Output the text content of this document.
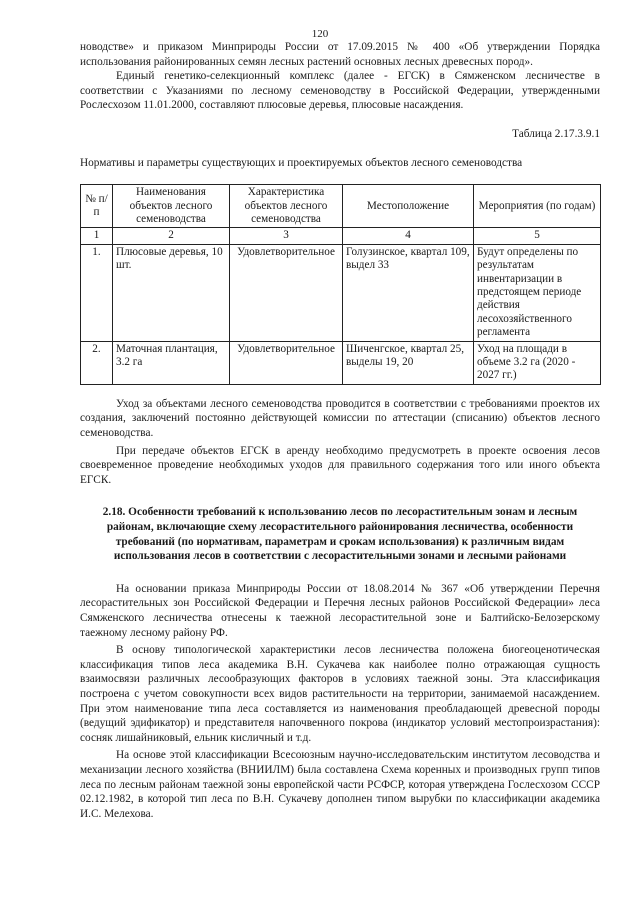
120

новодстве» и приказом Минприроды России от 17.09.2015 № 400 «Об утверждении Порядка использования районированных семян лесных растений основных лесных древесных пород».

Единый генетико-селекционный комплекс (далее - ЕГСК) в Сямженском лесничестве в соответствии с Указаниями по лесному семеноводству в Российской Федерации, утвержденными Рослесхозом 11.01.2000, составляют плюсовые деревья, плюсовые насаждения.

Таблица 2.17.3.9.1

Нормативы и параметры существующих и проектируемых объектов лесного семеноводства

№ п/п	Наименования объектов лесного семеноводства	Характеристика объектов лесного семеноводства	Местоположение	Мероприятия (по годам)
1	2	3	4	5
1.	Плюсовые деревья, 10 шт.	Удовлетворительное	Голузинское, квартал 109, выдел 33	Будут определены по результатам инвентаризации в предстоящем периоде действия лесохозяйственного регламента
2.	Маточная плантация, 3.2 га	Удовлетворительное	Шиченгское, квартал 25, выделы 19, 20	Уход на площади в объеме 3.2 га (2020 - 2027 гг.)

Уход за объектами лесного семеноводства проводится в соответствии с требованиями проектов их создания, заключений постоянно действующей комиссии по аттестации (списанию) объектов лесного семеноводства.

При передаче объектов ЕГСК в аренду необходимо предусмотреть в проекте освоения лесов своевременное проведение необходимых уходов для правильного содержания того или иного объекта ЕГСК.

2.18. Особенности требований к использованию лесов по лесорастительным зонам и лесным районам, включающие схему лесорастительного районирования лесничества, особенности требований (по нормативам, параметрам и срокам использования) к различным видам использования лесов в соответствии с лесорастительными зонами и лесными районами

На основании приказа Минприроды России от 18.08.2014 № 367 «Об утверждении Перечня лесорастительных зон Российской Федерации и Перечня лесных районов Российской Федерации» леса Сямженского лесничества отнесены к таежной лесорастительной зоне и Балтийско-Белозерскому таежному лесному району РФ.

В основу типологической характеристики лесов лесничества положена биогеоценотическая классификация типов леса академика В.Н. Сукачева как наиболее полно отражающая сущность взаимосвязи различных лесообразующих факторов в условиях таежной зоны. Эта классификация построена с учетом совокупности всех видов растительности на территории, занимаемой насаждением. При этом наименование типа леса составляется из наименования преобладающей древесной породы (ведущий эдификатор) и представителя напочвенного покрова (индикатор условий местопроизрастания): сосняк лишайниковый, ельник кисличный и т.д.

На основе этой классификации Всесоюзным научно-исследовательским институтом лесоводства и механизации лесного хозяйства (ВНИИЛМ) была составлена Схема коренных и производных групп типов леса по лесным районам таежной зоны европейской части РСФСР, которая утверждена Гослесхозом СССР 02.12.1982, в которой тип леса по В.Н. Сукачеву дополнен типом вырубки по классификации академика И.С. Мелехова.
